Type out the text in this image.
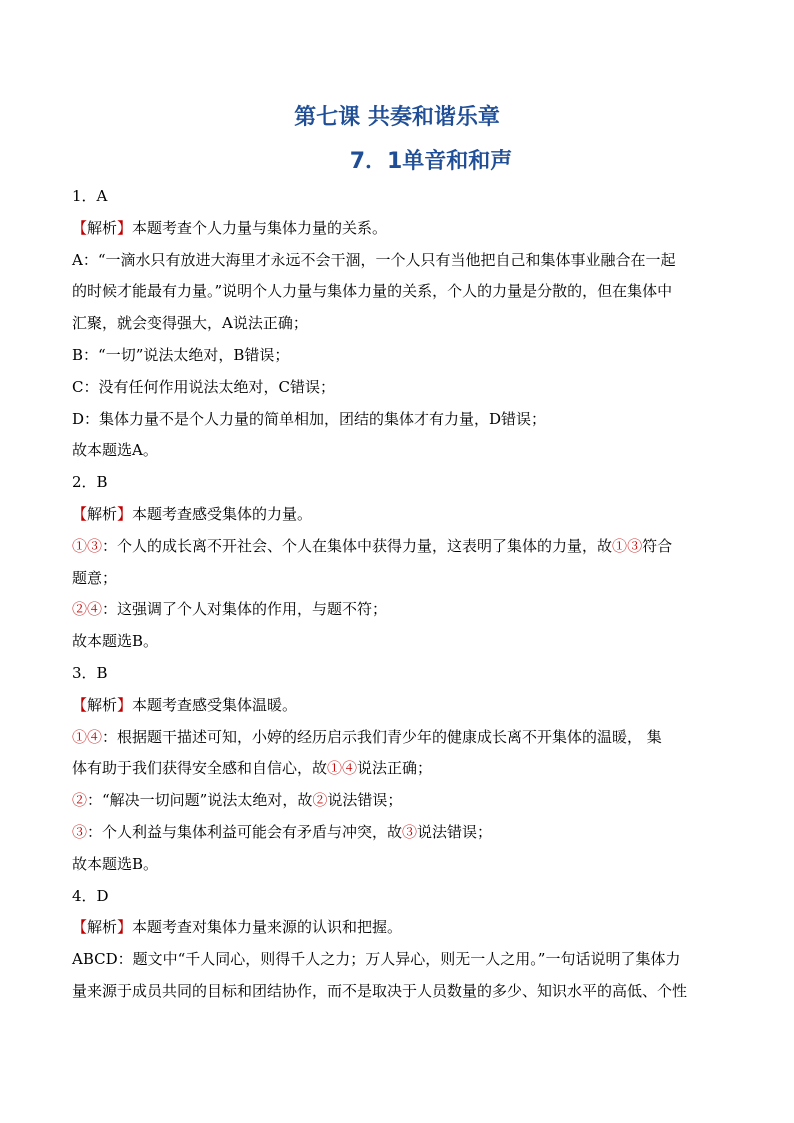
第七课 共奏和谐乐章
7．1单音和和声
1．A
【解析】本题考查个人力量与集体力量的关系。
A：“一滴水只有放进大海里才永远不会干涸，一个人只有当他把自己和集体事业融合在一起
的时候才能最有力量。”说明个人力量与集体力量的关系，个人的力量是分散的，但在集体中
汇聚，就会变得强大，A说法正确；
B：“一切”说法太绝对，B错误；
C：没有任何作用说法太绝对，C错误；
D：集体力量不是个人力量的简单相加，团结的集体才有力量，D错误；
故本题选A。
2．B
【解析】本题考查感受集体的力量。
①③：个人的成长离不开社会、个人在集体中获得力量，这表明了集体的力量，故①③符合
题意；
②④：这强调了个人对集体的作用，与题不符；
故本题选B。
3．B
【解析】本题考查感受集体温暖。
①④：根据题干描述可知，小婷的经历启示我们青少年的健康成长离不开集体的温暖， 集
体有助于我们获得安全感和自信心，故①④说法正确；
②：“解决一切问题”说法太绝对，故②说法错误；
③：个人利益与集体利益可能会有矛盾与冲突，故③说法错误；
故本题选B。
4．D
【解析】本题考查对集体力量来源的认识和把握。
ABCD：题文中“千人同心，则得千人之力；万人异心，则无一人之用。”一句话说明了集体力
量来源于成员共同的目标和团结协作，而不是取决于人员数量的多少、知识水平的高低、个性
